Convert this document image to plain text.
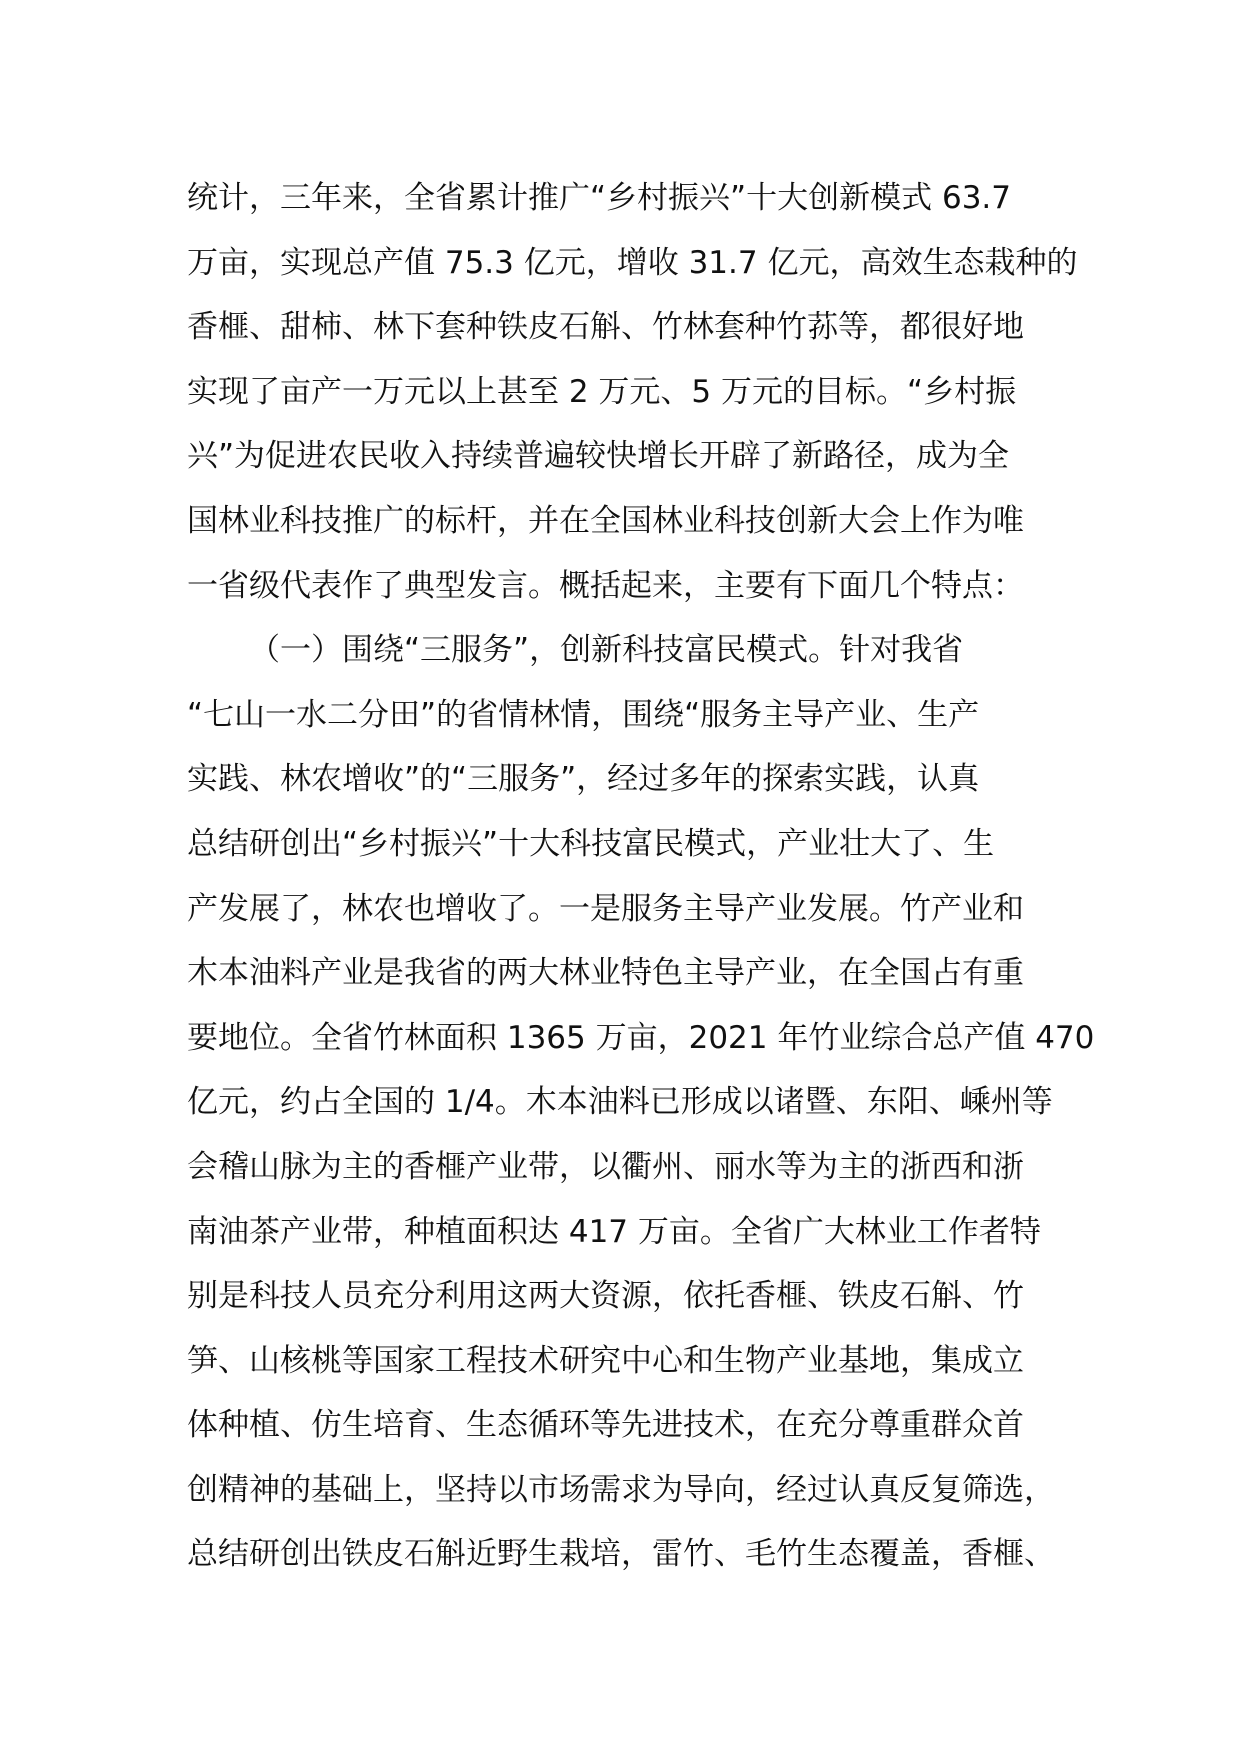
统计，三年来，全省累计推广“乡村振兴”十大创新模式 63.7
万亩，实现总产值 75.3 亿元，增收 31.7 亿元，高效生态栽种的
香榧、甜柿、林下套种铁皮石斛、竹林套种竹荪等，都很好地
实现了亩产一万元以上甚至 2 万元、5 万元的目标。“乡村振
兴”为促进农民收入持续普遍较快增长开辟了新路径，成为全
国林业科技推广的标杆，并在全国林业科技创新大会上作为唯
一省级代表作了典型发言。概括起来，主要有下面几个特点：
（一）围绕“三服务”，创新科技富民模式。针对我省
“七山一水二分田”的省情林情，围绕“服务主导产业、生产
实践、林农增收”的“三服务”，经过多年的探索实践，认真
总结研创出“乡村振兴”十大科技富民模式，产业壮大了、生
产发展了，林农也增收了。一是服务主导产业发展。竹产业和
木本油料产业是我省的两大林业特色主导产业，在全国占有重
要地位。全省竹林面积 1365 万亩，2021 年竹业综合总产值 470
亿元，约占全国的 1/4。木本油料已形成以诸暨、东阳、嵊州等
会稽山脉为主的香榧产业带，以衢州、丽水等为主的浙西和浙
南油茶产业带，种植面积达 417 万亩。全省广大林业工作者特
别是科技人员充分利用这两大资源，依托香榧、铁皮石斛、竹
笋、山核桃等国家工程技术研究中心和生物产业基地，集成立
体种植、仿生培育、生态循环等先进技术，在充分尊重群众首
创精神的基础上，坚持以市场需求为导向，经过认真反复筛选，
总结研创出铁皮石斛近野生栽培，雷竹、毛竹生态覆盖，香榧、
